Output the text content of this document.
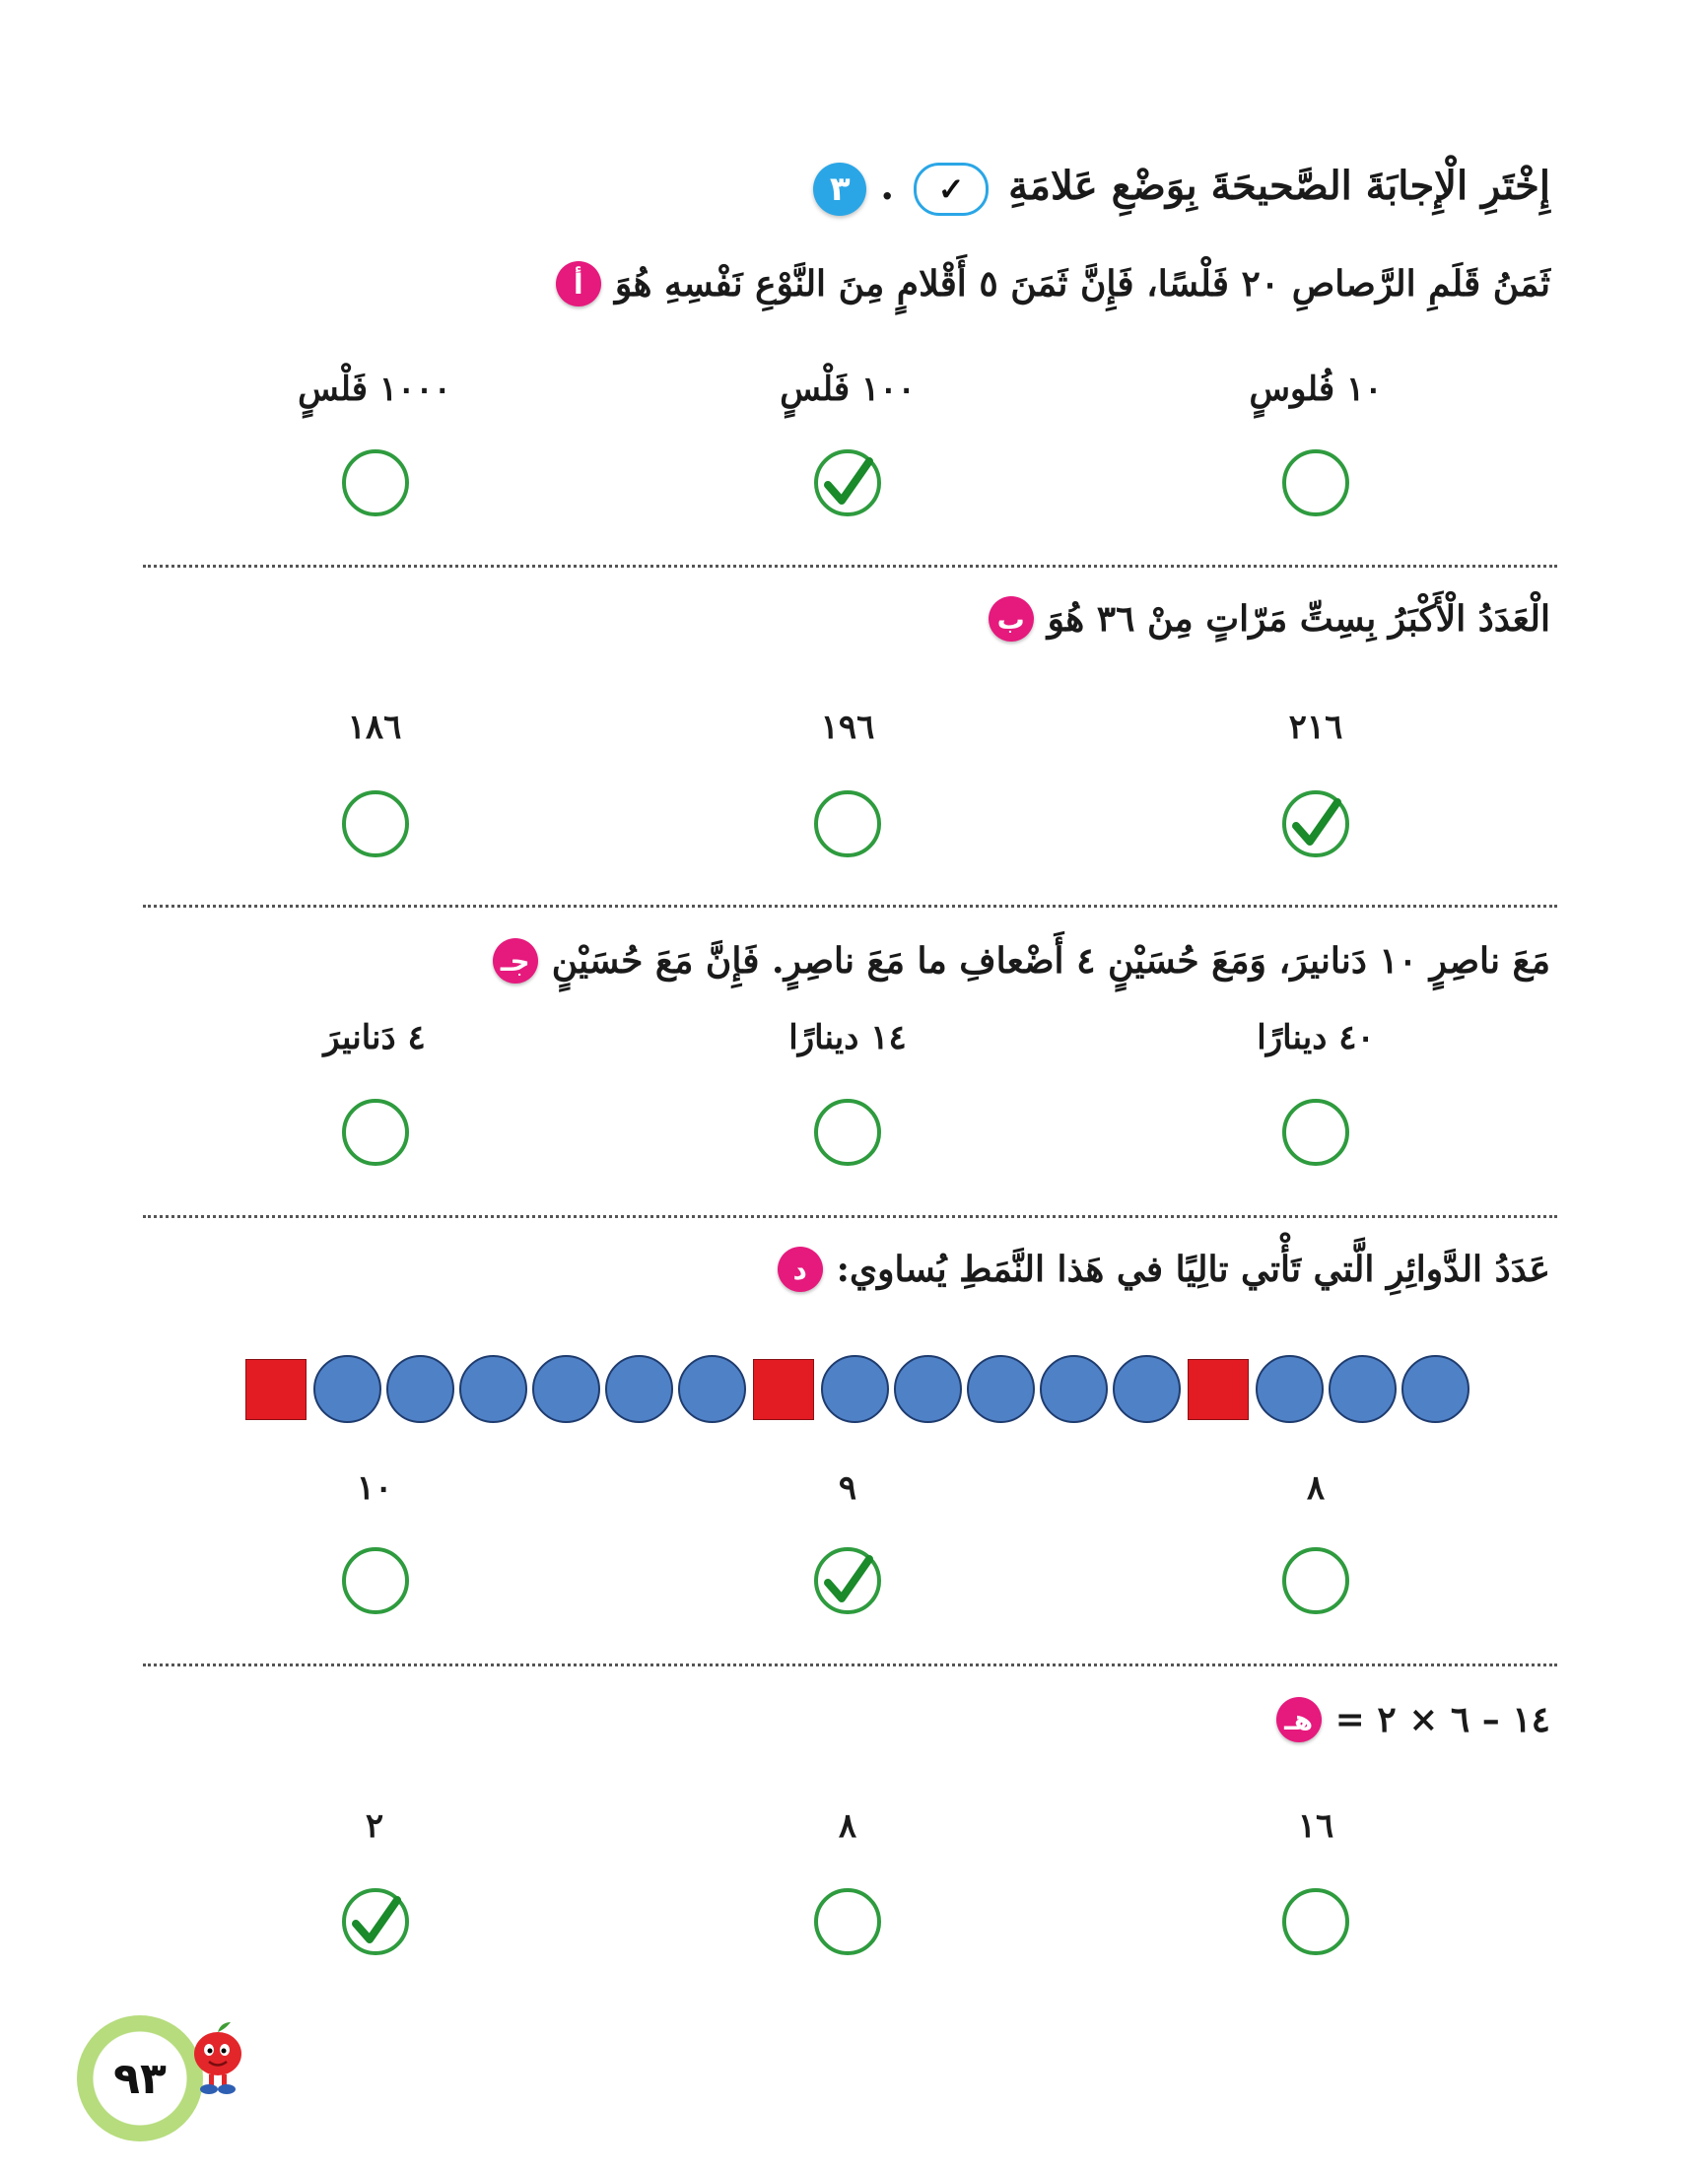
٣	إِخْتَرِ الْإِجابَةَ الصَّحيحَةَ بِوَضْعِ عَلامَةِ ✓ .
أ ثَمَنُ قَلَمِ الرَّصاصِ ٢٠ فَلْسًا، فَإِنَّ ثَمَنَ ٥ أَقْلامٍ مِنَ النَّوْعِ نَفْسِهِ هُوَ
١٠ فُلوسٍ
١٠٠ فَلْسٍ
١٠٠٠ فَلْسٍ
ب الْعَدَدُ الْأَكْبَرُ بِسِتِّ مَرّاتٍ مِنْ ٣٦ هُوَ
٢١٦
١٩٦
١٨٦
جـ مَعَ ناصِرٍ ١٠ دَنانيرَ، وَمَعَ حُسَيْنٍ ٤ أَضْعافِ ما مَعَ ناصِرٍ. فَإِنَّ مَعَ حُسَيْنٍ
٤٠ دينارًا
١٤ دينارًا
٤ دَنانيرَ
د عَدَدُ الدَّوائِرِ الَّتي تَأْتي تالِيًا في هَذا النَّمَطِ يُساوي:
٨
٩
١٠
هـ ١٤ – ٦ × ٢ =
١٦
٨
٢
٩٣
